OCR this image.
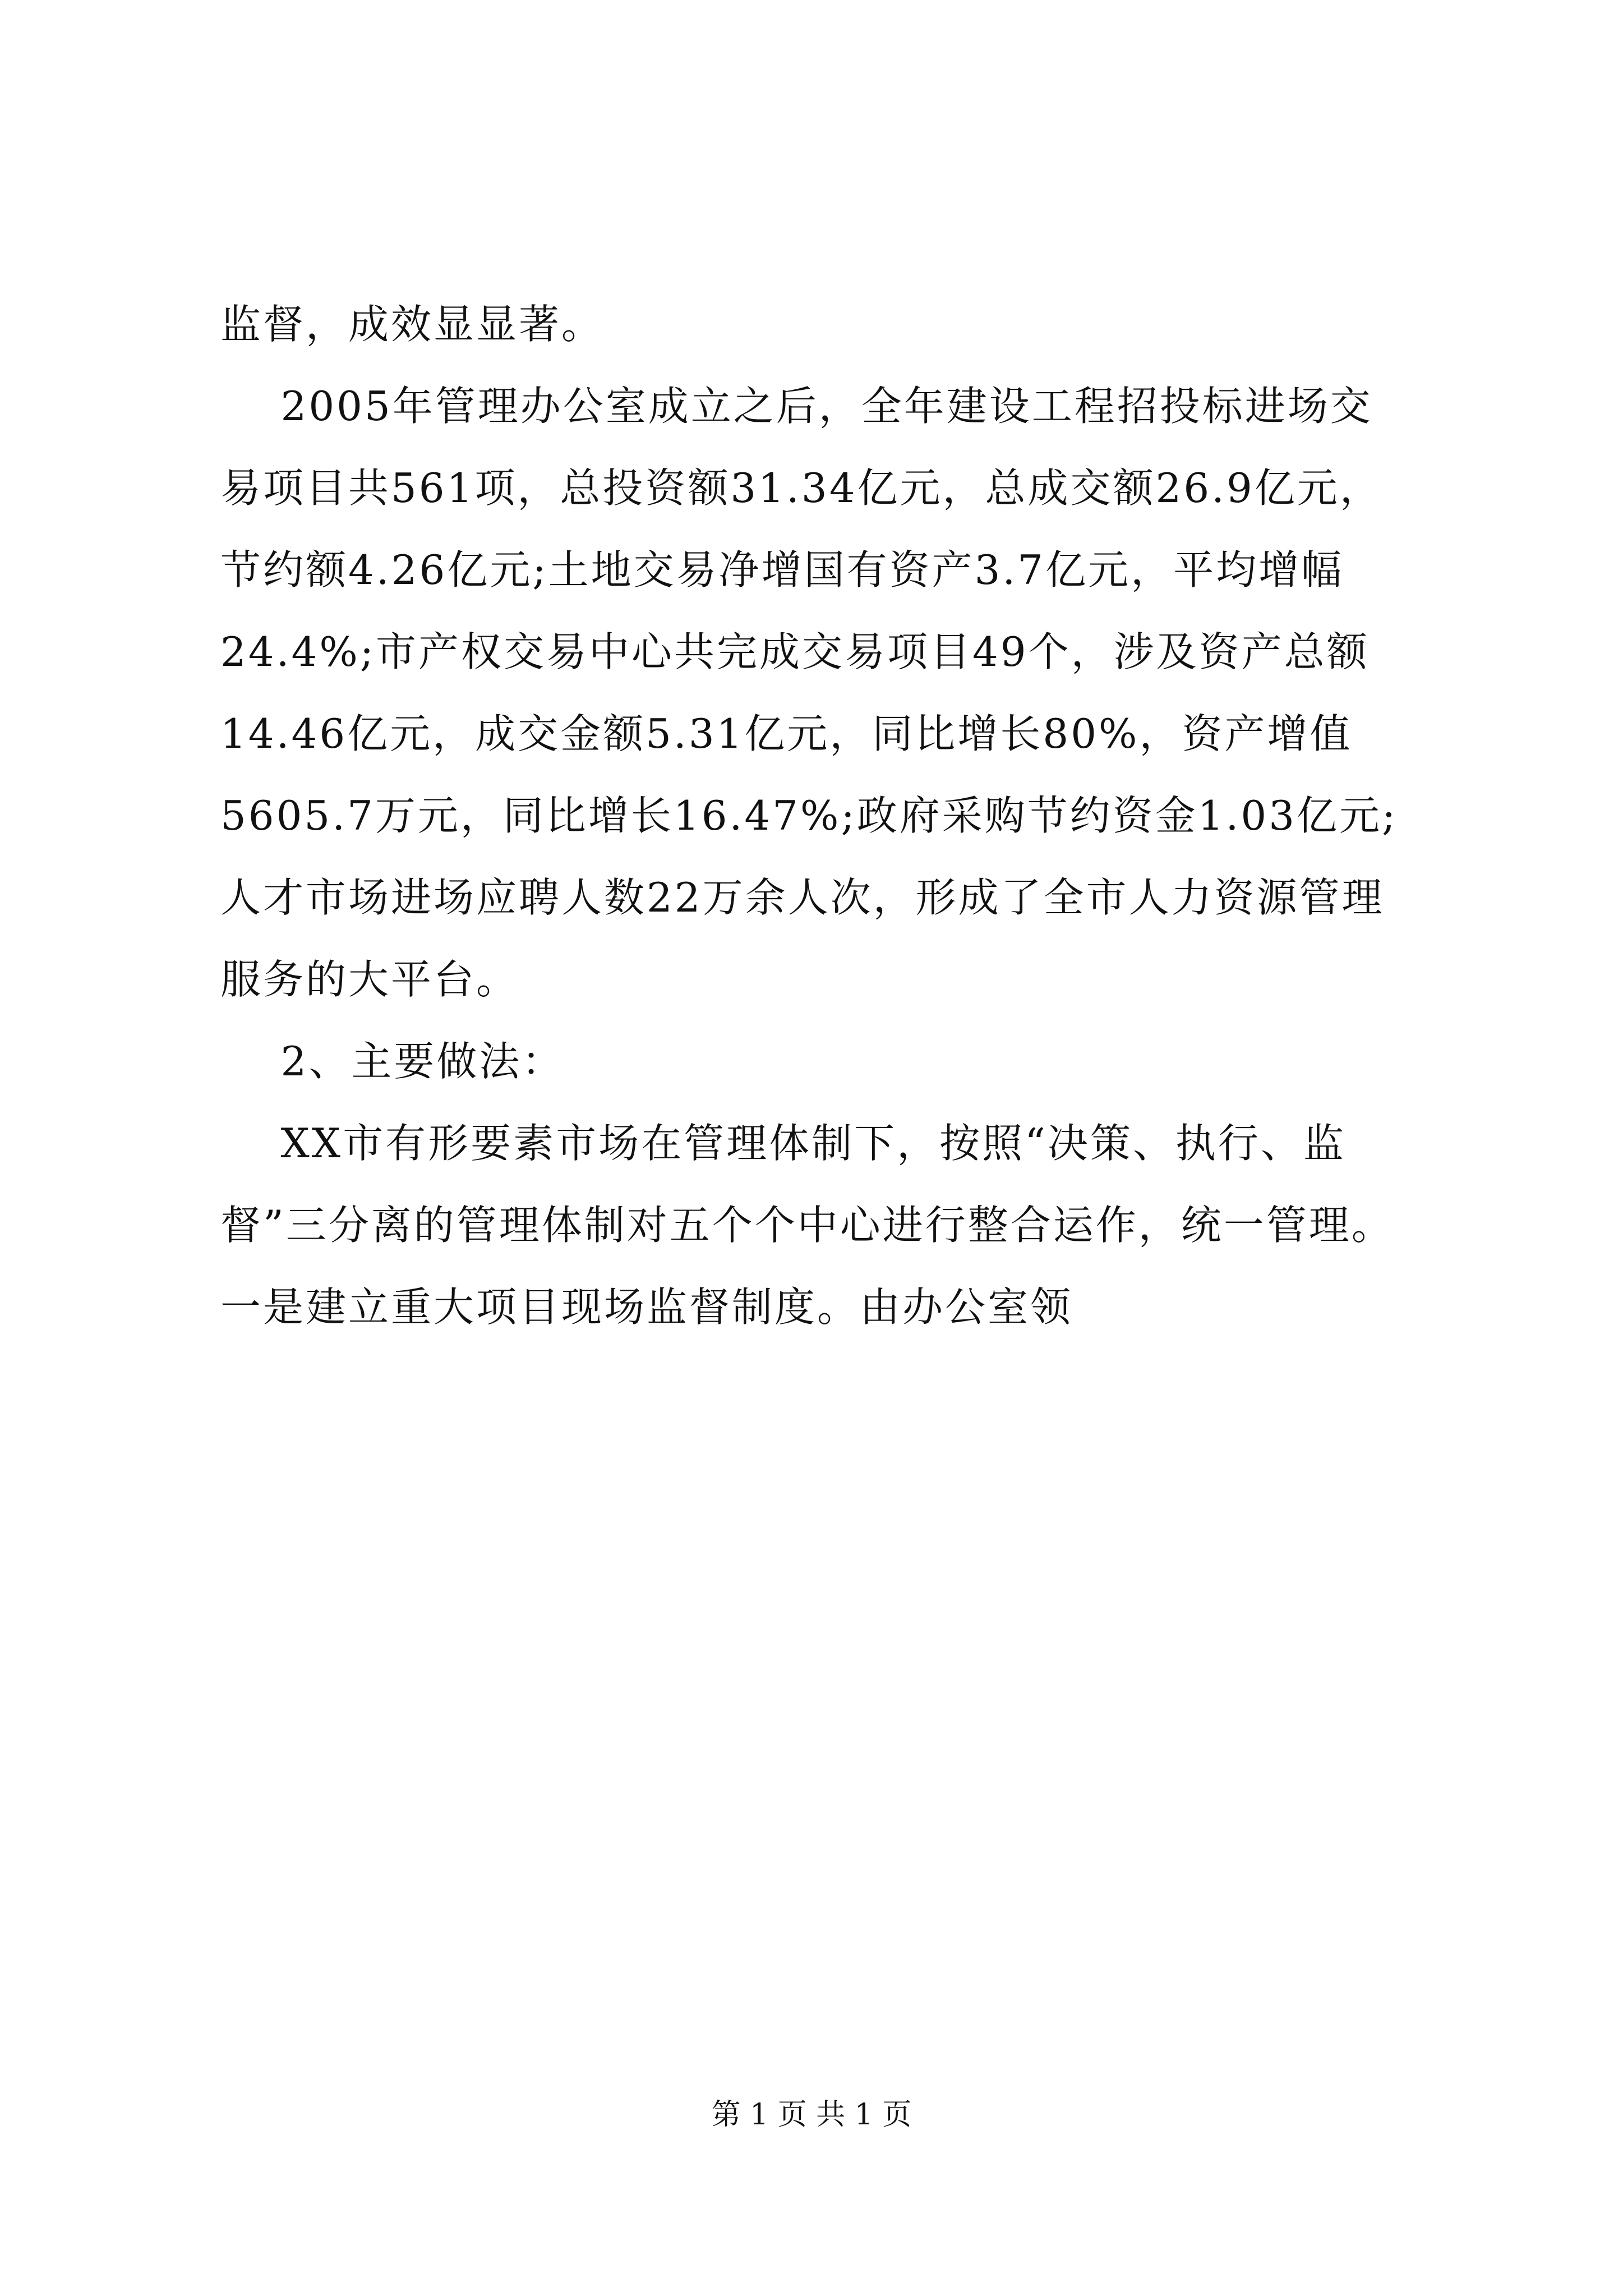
监督，成效显显著。
2005年管理办公室成立之后，全年建设工程招投标进场交
易项目共561项，总投资额31.34亿元，总成交额26.9亿元，
节约额4.26亿元;土地交易净增国有资产3.7亿元，平均增幅
24.4%;市产权交易中心共完成交易项目49个，涉及资产总额
14.46亿元，成交金额5.31亿元，同比增长80%，资产增值
5605.7万元，同比增长16.47%;政府采购节约资金1.03亿元;
人才市场进场应聘人数22万余人次，形成了全市人力资源管理
服务的大平台。
2、主要做法：
XX市有形要素市场在管理体制下，按照“决策、执行、监
督”三分离的管理体制对五个个中心进行整合运作，统一管理。
一是建立重大项目现场监督制度。由办公室领
第 1 页 共 1 页
